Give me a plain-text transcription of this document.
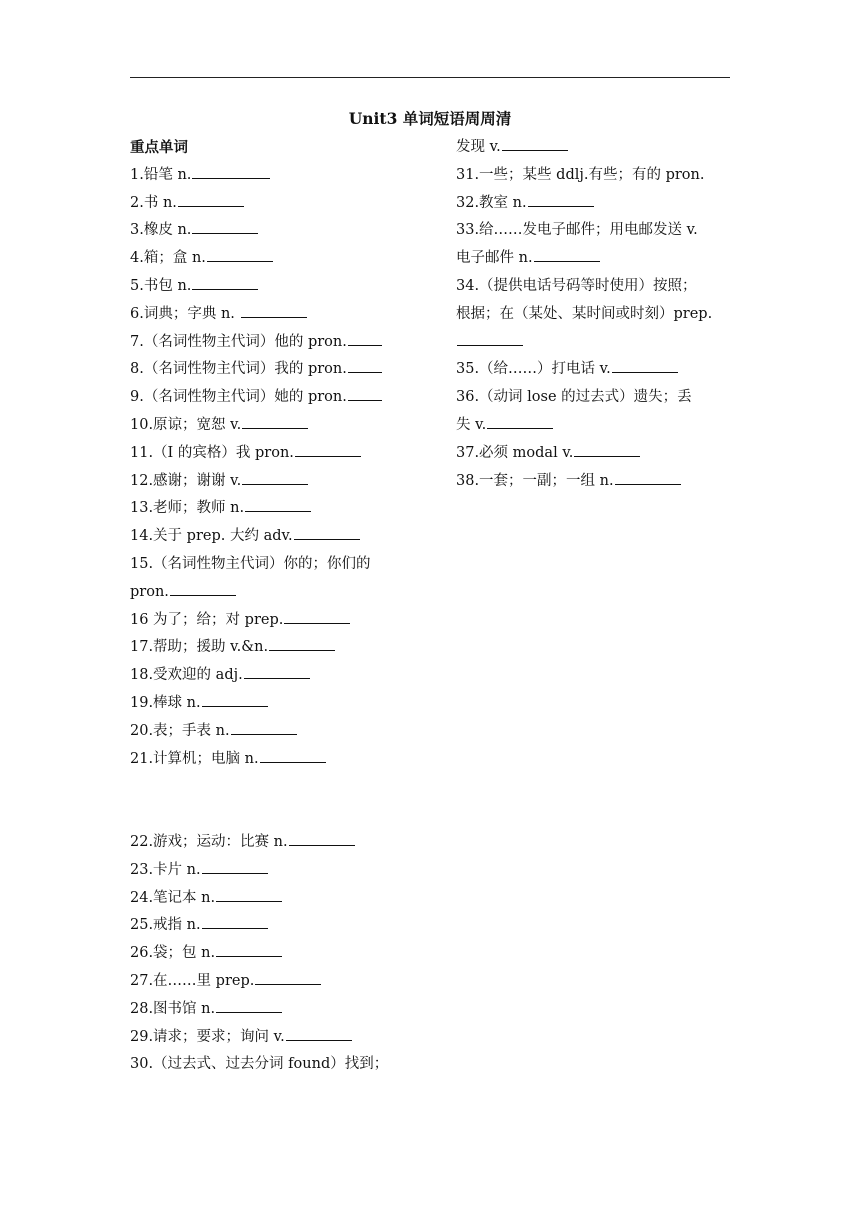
Unit3 单词短语周周清
重点单词
1.铅笔 n.
2.书 n.
3.橡皮 n.
4.箱；盒 n.
5.书包 n.
6.词典；字典 n.
7.（名词性物主代词）他的 pron.
8.（名词性物主代词）我的 pron.
9.（名词性物主代词）她的 pron.
10.原谅；宽恕 v.
11.（I 的宾格）我 pron.
12.感谢；谢谢 v.
13.老师；教师 n.
14.关于 prep. 大约 adv.
15.（名词性物主代词）你的；你们的
pron.
16 为了；给；对 prep.
17.帮助；援助 v.&n.
18.受欢迎的 adj.
19.棒球 n.
20.表；手表 n.
21.计算机；电脑 n.
22.游戏；运动：比赛 n.
23.卡片 n.
24.笔记本 n.
25.戒指 n.
26.袋；包 n.
27.在……里 prep.
28.图书馆 n.
29.请求；要求；询问 v.
30.（过去式、过去分词 found）找到；
发现 v.
31.一些；某些 ddlj.有些；有的 pron.
32.教室 n.
33.给……发电子邮件；用电邮发送 v.
电子邮件 n.
34.（提供电话号码等时使用）按照；
根据；在（某处、某时间或时刻）prep.
35.（给……）打电话 v.
36.（动词 lose 的过去式）遗失；丢
失 v.
37.必须 modal v.
38.一套；一副；一组 n.
